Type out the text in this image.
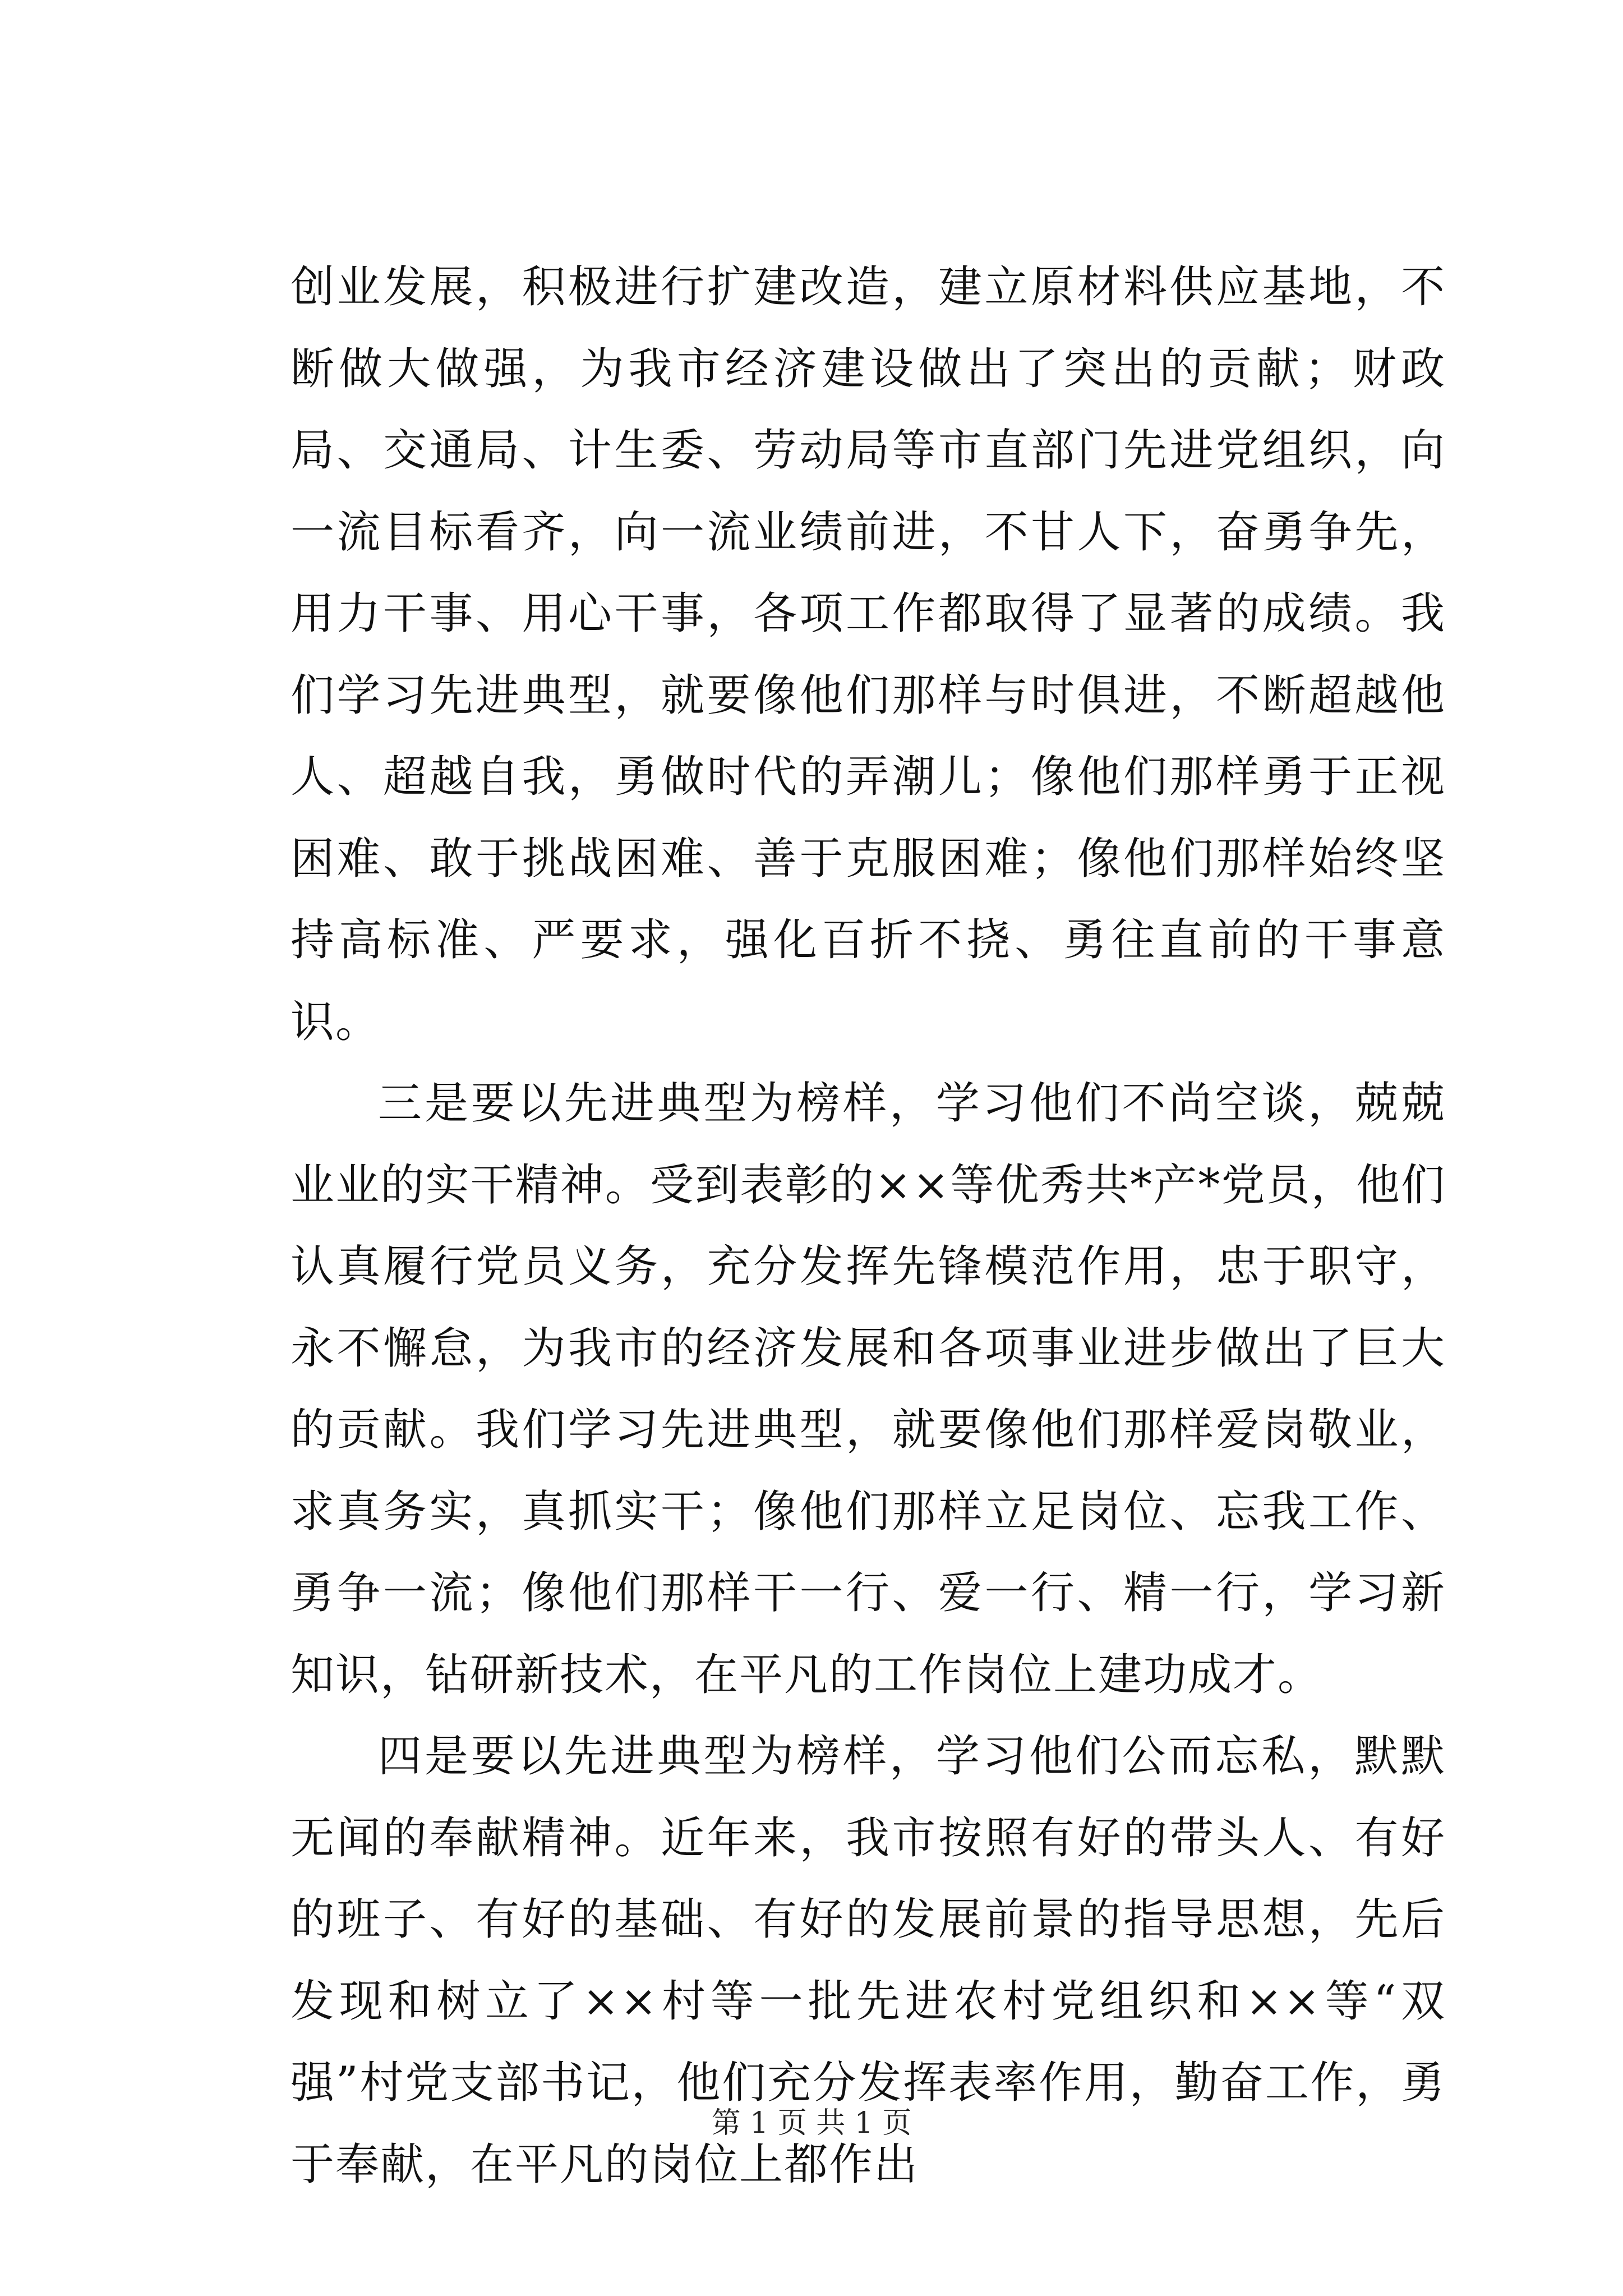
创业发展，积极进行扩建改造，建立原材料供应基地，不断做大做强，为我市经济建设做出了突出的贡献；财政局、交通局、计生委、劳动局等市直部门先进党组织，向一流目标看齐，向一流业绩前进，不甘人下，奋勇争先，用力干事、用心干事，各项工作都取得了显著的成绩。我们学习先进典型，就要像他们那样与时俱进，不断超越他人、超越自我，勇做时代的弄潮儿；像他们那样勇于正视困难、敢于挑战困难、善于克服困难；像他们那样始终坚持高标准、严要求，强化百折不挠、勇往直前的干事意识。

三是要以先进典型为榜样，学习他们不尚空谈，兢兢业业的实干精神。受到表彰的××等优秀共*产*党员，他们认真履行党员义务，充分发挥先锋模范作用，忠于职守，永不懈怠，为我市的经济发展和各项事业进步做出了巨大的贡献。我们学习先进典型，就要像他们那样爱岗敬业，求真务实，真抓实干；像他们那样立足岗位、忘我工作、勇争一流；像他们那样干一行、爱一行、精一行，学习新知识，钻研新技术，在平凡的工作岗位上建功成才。

四是要以先进典型为榜样，学习他们公而忘私，默默无闻的奉献精神。近年来，我市按照有好的带头人、有好的班子、有好的基础、有好的发展前景的指导思想，先后发现和树立了××村等一批先进农村党组织和××等“双强”村党支部书记，他们充分发挥表率作用，勤奋工作，勇于奉献，在平凡的岗位上都作出

第 1 页 共 1 页
